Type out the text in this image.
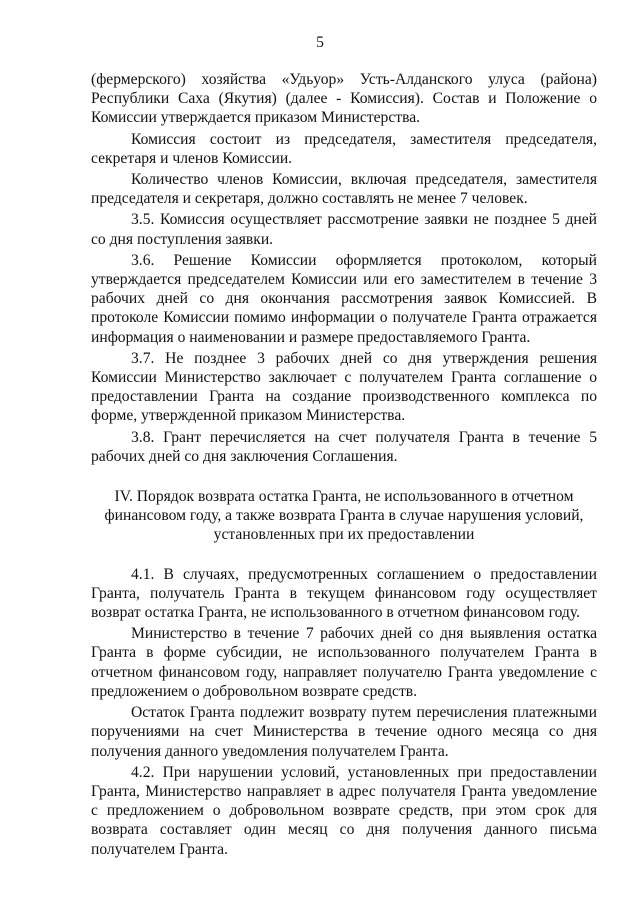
5

(фермерского) хозяйства «Удьуор» Усть-Алданского улуса (района) Республики Саха (Якутия) (далее - Комиссия). Состав и Положение о Комиссии утверждается приказом Министерства.

Комиссия состоит из председателя, заместителя председателя, секретаря и членов Комиссии.

Количество членов Комиссии, включая председателя, заместителя председателя и секретаря, должно составлять не менее 7 человек.

3.5. Комиссия осуществляет рассмотрение заявки не позднее 5 дней со дня поступления заявки.

3.6. Решение Комиссии оформляется протоколом, который утверждается председателем Комиссии или его заместителем в течение 3 рабочих дней со дня окончания рассмотрения заявок Комиссией. В протоколе Комиссии помимо информации о получателе Гранта отражается информация о наименовании и размере предоставляемого Гранта.

3.7. Не позднее 3 рабочих дней со дня утверждения решения Комиссии Министерство заключает с получателем Гранта соглашение о предоставлении Гранта на создание производственного комплекса по форме, утвержденной приказом Министерства.

3.8. Грант перечисляется на счет получателя Гранта в течение 5 рабочих дней со дня заключения Соглашения.

IV. Порядок возврата остатка Гранта, не использованного в отчетном
финансовом году, а также возврата Гранта в случае нарушения условий,
установленных при их предоставлении

4.1. В случаях, предусмотренных соглашением о предоставлении Гранта, получатель Гранта в текущем финансовом году осуществляет возврат остатка Гранта, не использованного в отчетном финансовом году.

Министерство в течение 7 рабочих дней со дня выявления остатка Гранта в форме субсидии, не использованного получателем Гранта в отчетном финансовом году, направляет получателю Гранта уведомление с предложением о добровольном возврате средств.

Остаток Гранта подлежит возврату путем перечисления платежными поручениями на счет Министерства в течение одного месяца со дня получения данного уведомления получателем Гранта.

4.2. При нарушении условий, установленных при предоставлении Гранта, Министерство направляет в адрес получателя Гранта уведомление с предложением о добровольном возврате средств, при этом срок для возврата составляет один месяц со дня получения данного письма получателем Гранта.
